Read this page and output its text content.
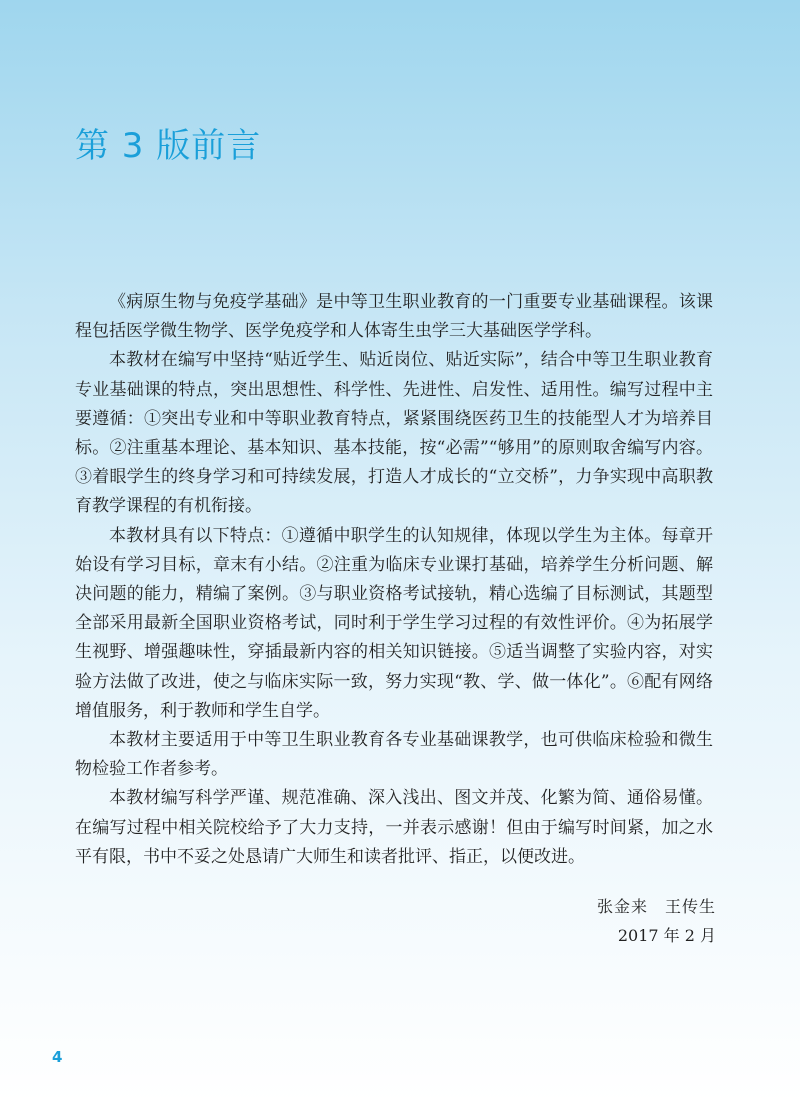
第 3 版前言

《病原生物与免疫学基础》是中等卫生职业教育的一门重要专业基础课程。该课程包括医学微生物学、医学免疫学和人体寄生虫学三大基础医学学科。

本教材在编写中坚持“贴近学生、贴近岗位、贴近实际”，结合中等卫生职业教育专业基础课的特点，突出思想性、科学性、先进性、启发性、适用性。编写过程中主要遵循：①突出专业和中等职业教育特点，紧紧围绕医药卫生的技能型人才为培养目标。②注重基本理论、基本知识、基本技能，按“必需”“够用”的原则取舍编写内容。③着眼学生的终身学习和可持续发展，打造人才成长的“立交桥”，力争实现中高职教育教学课程的有机衔接。

本教材具有以下特点：①遵循中职学生的认知规律，体现以学生为主体。每章开始设有学习目标，章末有小结。②注重为临床专业课打基础，培养学生分析问题、解决问题的能力，精编了案例。③与职业资格考试接轨，精心选编了目标测试，其题型全部采用最新全国职业资格考试，同时利于学生学习过程的有效性评价。④为拓展学生视野、增强趣味性，穿插最新内容的相关知识链接。⑤适当调整了实验内容，对实验方法做了改进，使之与临床实际一致，努力实现“教、学、做一体化”。⑥配有网络增值服务，利于教师和学生自学。

本教材主要适用于中等卫生职业教育各专业基础课教学，也可供临床检验和微生物检验工作者参考。

本教材编写科学严谨、规范准确、深入浅出、图文并茂、化繁为简、通俗易懂。在编写过程中相关院校给予了大力支持，一并表示感谢！但由于编写时间紧，加之水平有限，书中不妥之处恳请广大师生和读者批评、指正，以便改进。

张金来　王传生
2017 年 2 月
4
